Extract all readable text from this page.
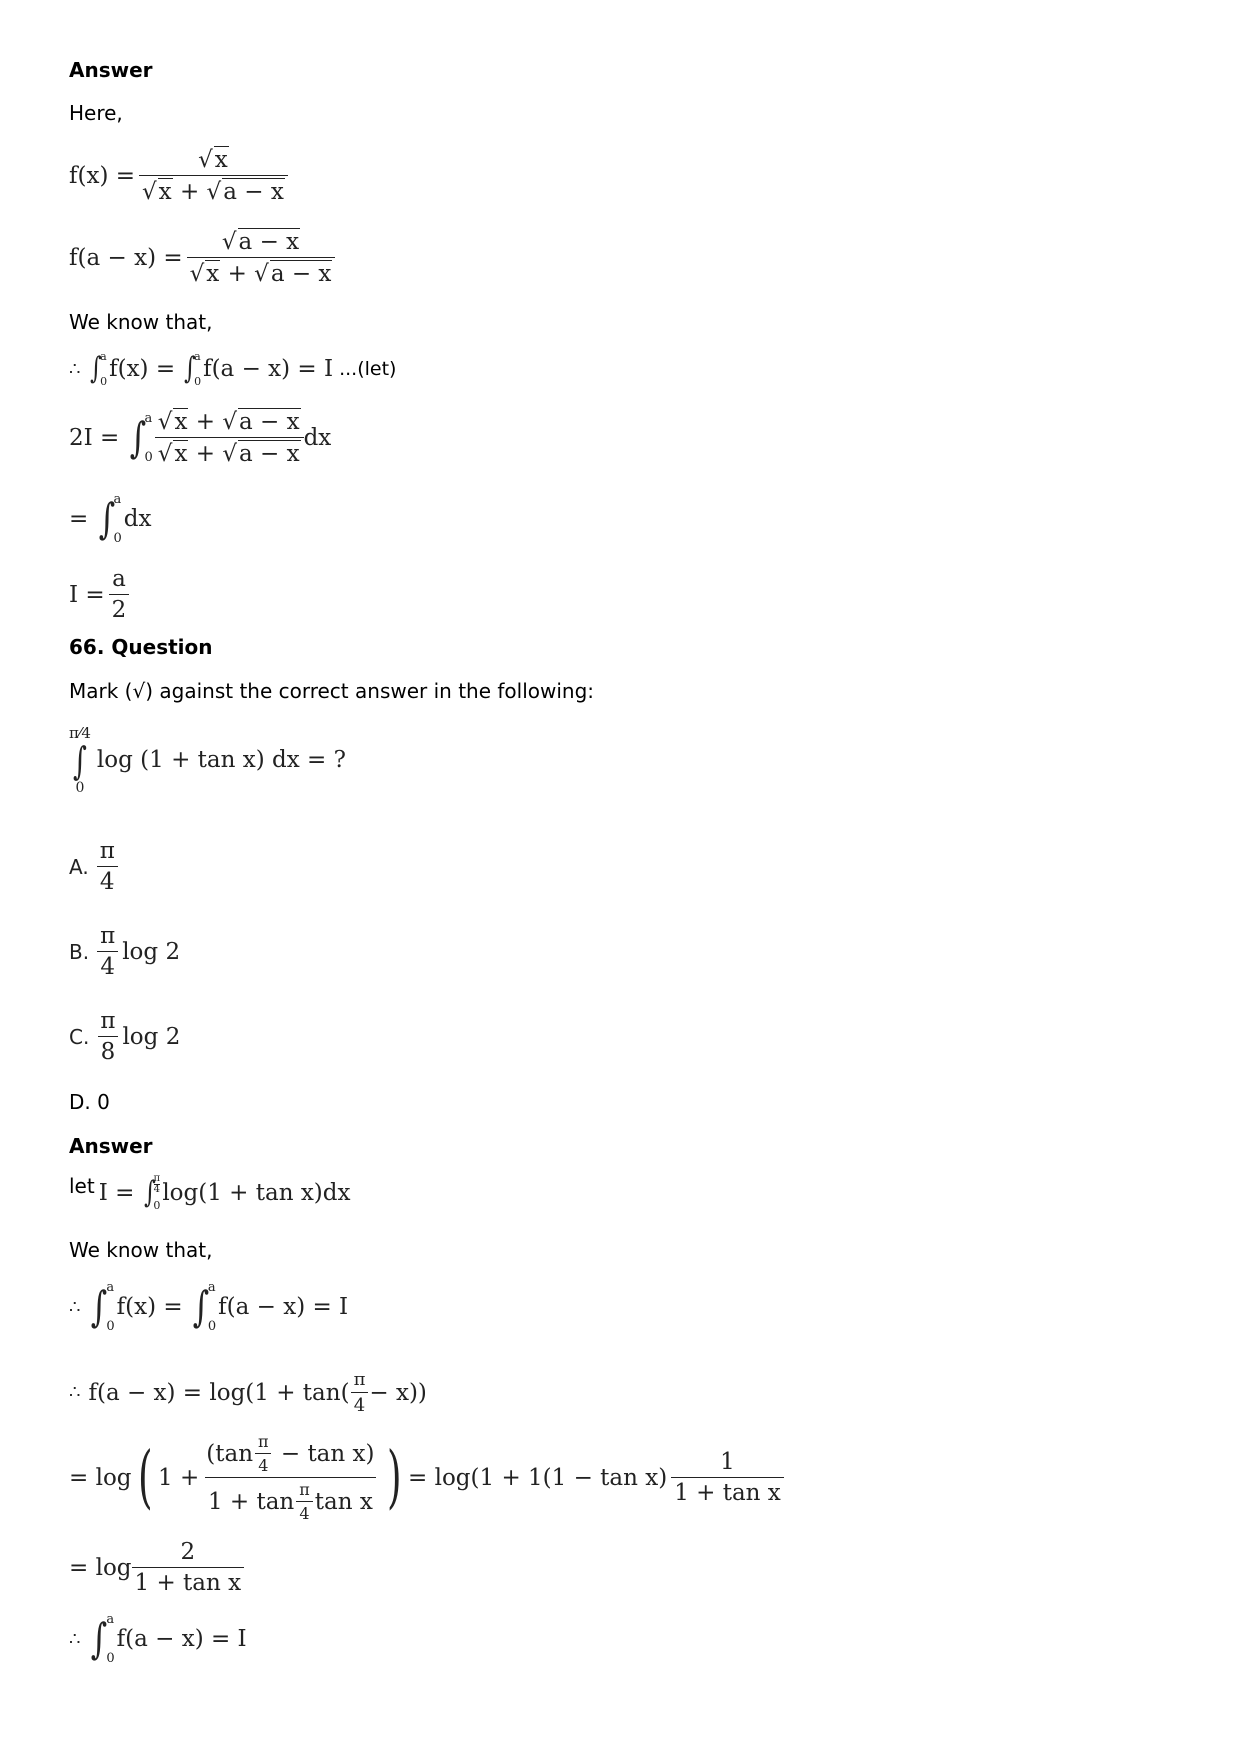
Answer
Here,
$f(x) = \frac{√x}{√x + √a - x}$
$f(a - x) = \frac{√a - x}{√x + √a - x}$
We know that,
∴ ∫
a
0 f(x) =
∫
a
0 f(a − x) = I ...(let)
2I =
∫
a
$0 \frac{√x + √a - x}{√x + √a - x}$ dx
=
∫
a
0
dx
$I = \frac{a}{2}$
66. Question
Mark (√) against the correct answer in the following:
π⁄4
∫
0
log (1 + tan x) dx = ?
A. $\frac{\pi}{4}$
B. $\frac{\pi}{4}$ log 2
C. $\frac{\pi}{8}$ log 2
D. 0
Answer
let I =
∫
π
4
0 log(1 + tan x)dx
We know that,
∴ ∫
a
0
f(x) =
∫
a
0
f(a − x) = I
∴ $f(a - x) = \log(1 + \tan( \frac{\pi}{4} - x))$
= log ( 1 + ( $\tan \frac{\pi}{4}$
− tan x )
$1 + \tan \frac{\pi}{4}$ tan x ) = $\log(1 + 1(1 - \tan x) \frac{1}{\text{1 + tan x}}$
= $\log \frac{2}{\text{1 + tan x}}$
∴ ∫
a
0
f(a − x) = I
